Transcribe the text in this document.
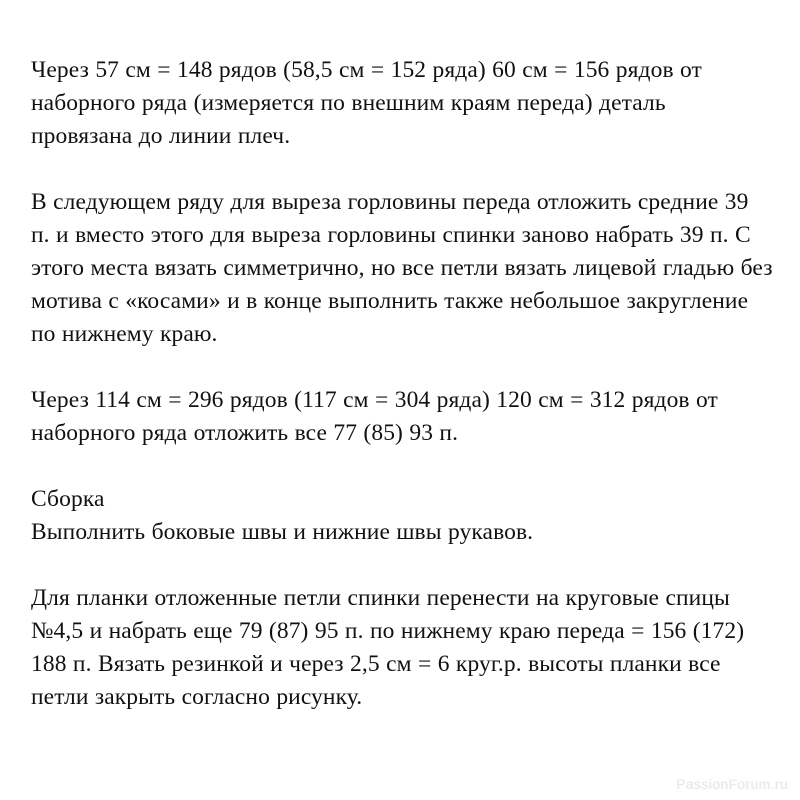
Через 57 см = 148 рядов (58,5 см = 152 ряда) 60 см = 156 рядов от наборного ряда (измеряется по внешним краям переда) деталь провязана до линии плеч.

В следующем ряду для выреза горловины переда отложить средние 39 п. и вместо этого для выреза горловины спинки заново набрать 39 п. С этого места вязать симметрично, но все петли вязать лицевой гладью без мотива с «косами» и в конце выполнить также небольшое закругление по нижнему краю.

Через 114 см = 296 рядов (117 см = 304 ряда) 120 см = 312 рядов от наборного ряда отложить все 77 (85) 93 п.

Сборка

Выполнить боковые швы и нижние швы рукавов.

Для планки отложенные петли спинки перенести на круговые спицы №4,5 и набрать еще 79 (87) 95 п. по нижнему краю переда = 156 (172) 188 п. Вязать резинкой и через 2,5 см = 6 круг.р. высоты планки все петли закрыть согласно рисунку.

PassionForum.ru
